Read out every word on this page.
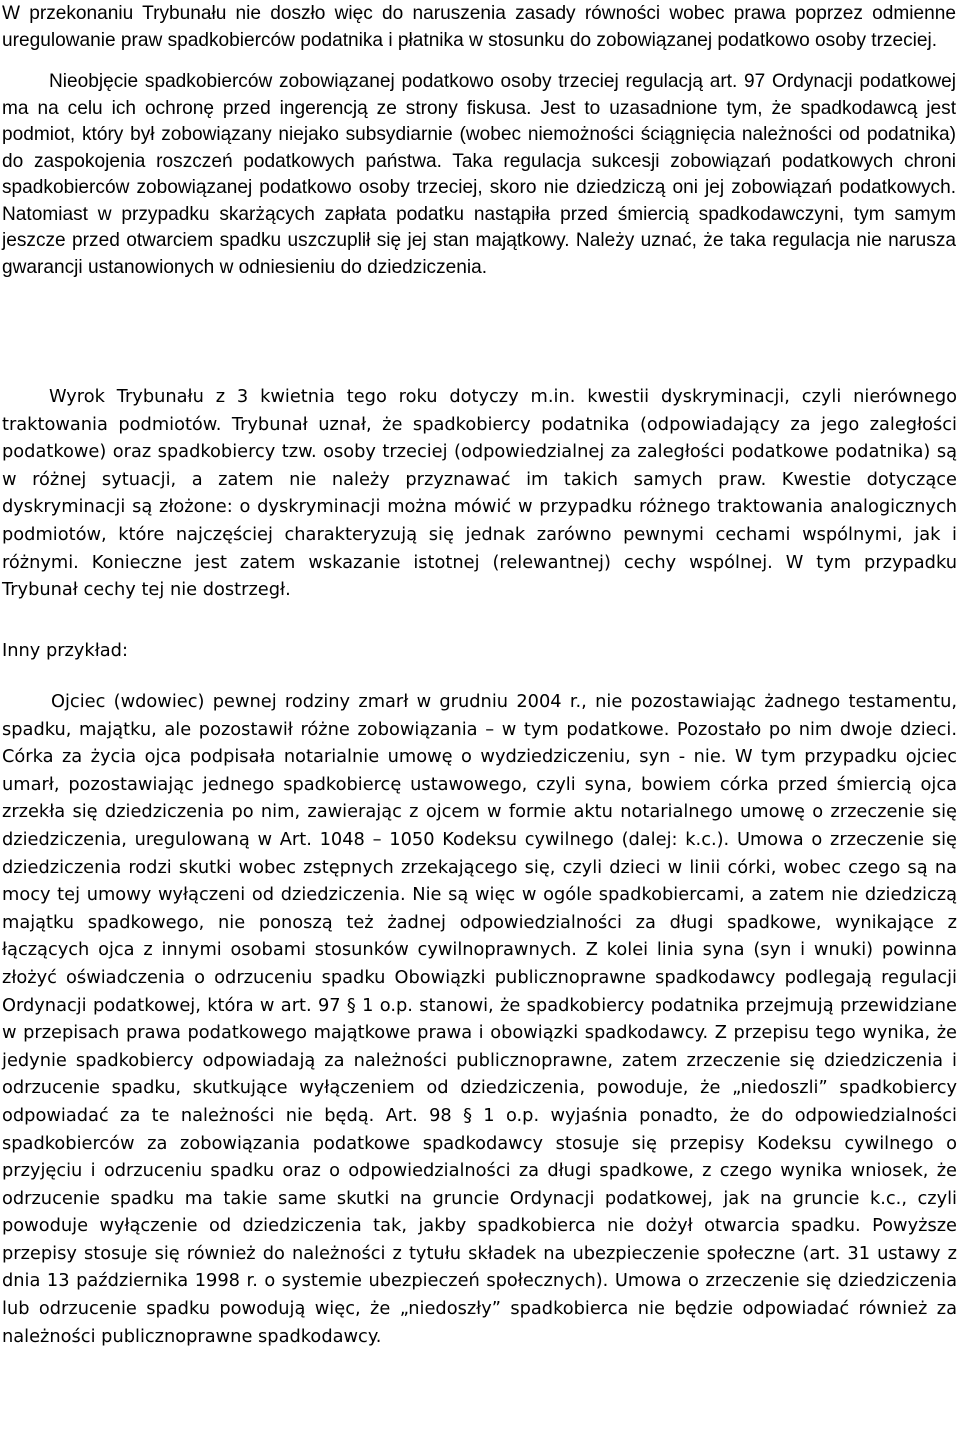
W przekonaniu Trybunału nie doszło więc do naruszenia zasady równości wobec prawa poprzez odmienne uregulowanie praw spadkobierców podatnika i płatnika w stosunku do zobowiązanej podatkowo osoby trzeciej.

Nieobjęcie spadkobierców zobowiązanej podatkowo osoby trzeciej regulacją art. 97 Ordynacji podatkowej ma na celu ich ochronę przed ingerencją ze strony fiskusa. Jest to uzasadnione tym, że spadkodawcą jest podmiot, który był zobowiązany niejako subsydiarnie (wobec niemożności ściągnięcia należności od podatnika) do zaspokojenia roszczeń podatkowych państwa. Taka regulacja sukcesji zobowiązań podatkowych chroni spadkobierców zobowiązanej podatkowo osoby trzeciej, skoro nie dziedziczą oni jej zobowiązań podatkowych. Natomiast w przypadku skarżących zapłata podatku nastąpiła przed śmiercią spadkodawczyni, tym samym jeszcze przed otwarciem spadku uszczuplił się jej stan majątkowy. Należy uznać, że taka regulacja nie narusza gwarancji ustanowionych w odniesieniu do dziedziczenia.

Wyrok Trybunału z 3 kwietnia tego roku dotyczy m.in. kwestii dyskryminacji, czyli nierównego traktowania podmiotów. Trybunał uznał, że spadkobiercy podatnika (odpowiadający za jego zaległości podatkowe) oraz spadkobiercy tzw. osoby trzeciej (odpowiedzialnej za zaległości podatkowe podatnika) są w różnej sytuacji, a zatem nie należy przyznawać im takich samych praw. Kwestie dotyczące dyskryminacji są złożone: o dyskryminacji można mówić w przypadku różnego traktowania analogicznych podmiotów, które najczęściej charakteryzują się jednak zarówno pewnymi cechami wspólnymi, jak i różnymi. Konieczne jest zatem wskazanie istotnej (relewantnej) cechy wspólnej. W tym przypadku Trybunał cechy tej nie dostrzegł.

Inny przykład:

Ojciec (wdowiec) pewnej rodziny zmarł w grudniu 2004 r., nie pozostawiając żadnego testamentu, spadku, majątku, ale pozostawił różne zobowiązania – w tym podatkowe. Pozostało po nim dwoje dzieci. Córka za życia ojca podpisała notarialnie umowę o wydziedziczeniu, syn - nie. W tym przypadku ojciec umarł, pozostawiając jednego spadkobiercę ustawowego, czyli syna, bowiem córka przed śmiercią ojca zrzekła się dziedziczenia po nim, zawierając z ojcem w formie aktu notarialnego umowę o zrzeczenie się dziedziczenia, uregulowaną w Art. 1048 – 1050 Kodeksu cywilnego (dalej: k.c.). Umowa o zrzeczenie się dziedziczenia rodzi skutki wobec zstępnych zrzekającego się, czyli dzieci w linii córki, wobec czego są na mocy tej umowy wyłączeni od dziedziczenia. Nie są więc w ogóle spadkobiercami, a zatem nie dziedziczą majątku spadkowego, nie ponoszą też żadnej odpowiedzialności za długi spadkowe, wynikające z łączących ojca z innymi osobami stosunków cywilnoprawnych. Z kolei linia syna (syn i wnuki) powinna złożyć oświadczenia o odrzuceniu spadku Obowiązki publicznoprawne spadkodawcy podlegają regulacji Ordynacji podatkowej, która w art. 97 § 1 o.p. stanowi, że spadkobiercy podatnika przejmują przewidziane w przepisach prawa podatkowego majątkowe prawa i obowiązki spadkodawcy. Z przepisu tego wynika, że jedynie spadkobiercy odpowiadają za należności publicznoprawne, zatem zrzeczenie się dziedziczenia i odrzucenie spadku, skutkujące wyłączeniem od dziedziczenia, powoduje, że „niedoszli” spadkobiercy odpowiadać za te należności nie będą. Art. 98 § 1 o.p. wyjaśnia ponadto, że do odpowiedzialności spadkobierców za zobowiązania podatkowe spadkodawcy stosuje się przepisy Kodeksu cywilnego o przyjęciu i odrzuceniu spadku oraz o odpowiedzialności za długi spadkowe, z czego wynika wniosek, że odrzucenie spadku ma takie same skutki na gruncie Ordynacji podatkowej, jak na gruncie k.c., czyli powoduje wyłączenie od dziedziczenia tak, jakby spadkobierca nie dożył otwarcia spadku. Powyższe przepisy stosuje się również do należności z tytułu składek na ubezpieczenie społeczne (art. 31 ustawy z dnia 13 października 1998 r. o systemie ubezpieczeń społecznych). Umowa o zrzeczenie się dziedziczenia lub odrzucenie spadku powodują więc, że „niedoszły” spadkobierca nie będzie odpowiadać również za należności publicznoprawne spadkodawcy.
